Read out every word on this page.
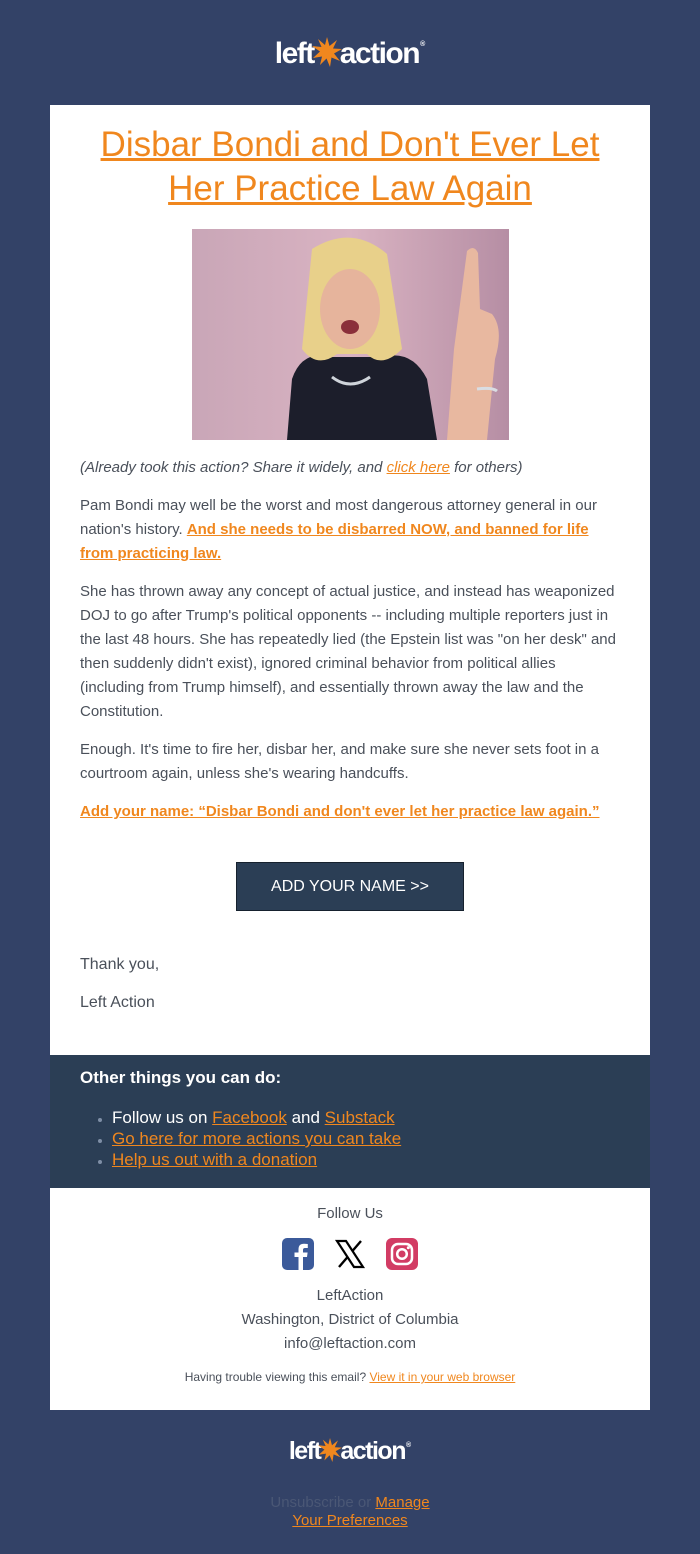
left action ®
Disbar Bondi and Don't Ever Let Her Practice Law Again

(Already took this action? Share it widely, and click here for others)

Pam Bondi may well be the worst and most dangerous attorney general in our nation's history. And she needs to be disbarred NOW, and banned for life from practicing law.

She has thrown away any concept of actual justice, and instead has weaponized DOJ to go after Trump's political opponents -- including multiple reporters just in the last 48 hours. She has repeatedly lied (the Epstein list was "on her desk" and then suddenly didn't exist), ignored criminal behavior from political allies (including from Trump himself), and essentially thrown away the law and the Constitution.

Enough. It's time to fire her, disbar her, and make sure she never sets foot in a courtroom again, unless she's wearing handcuffs.

Add your name: “Disbar Bondi and don't ever let her practice law again.”

ADD YOUR NAME >>

Thank you,

Left Action

Other things you can do:
• Follow us on Facebook and Substack
• Go here for more actions you can take
• Help us out with a donation
Follow Us
LeftAction
Washington, District of Columbia
info@leftaction.com
Having trouble viewing this email? View it in your web browser
left action ®
Unsubscribe or Manage
Your Preferences
